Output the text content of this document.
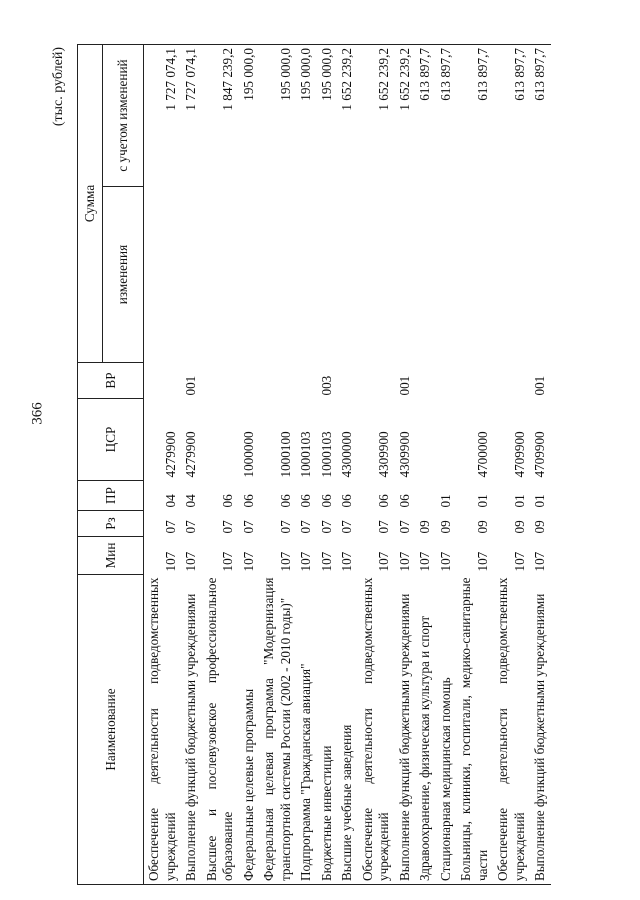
366
(тыс. рублей)
Наименование	Мин	Рз	ПР	ЦСР	ВР	Сумма	
						изменения	с учетом изменений
Обеспечение деятельности подведомственных учреждений	107	07	04	4279900			1 727 074,1
Выполнение функций бюджетными учреждениями	107	07	04	4279900	001		1 727 074,1
Высшее и послевузовское профессиональное образование	107	07	06				1 847 239,2
Федеральные целевые программы	107	07	06	1000000			195 000,0
Федеральная целевая программа "Модернизация транспортной системы России (2002 - 2010 годы)"	107	07	06	1000100			195 000,0
Подпрограмма "Гражданская авиация"	107	07	06	1000103			195 000,0
Бюджетные инвестиции	107	07	06	1000103	003		195 000,0
Высшие учебные заведения	107	07	06	4300000			1 652 239,2
Обеспечение деятельности подведомственных учреждений	107	07	06	4309900			1 652 239,2
Выполнение функций бюджетными учреждениями	107	07	06	4309900	001		1 652 239,2
Здравоохранение, физическая культура и спорт	107	09					613 897,7
Стационарная медицинская помощь	107	09	01				613 897,7
Больницы, клиники, госпитали, медико-санитарные части	107	09	01	4700000			613 897,7
Обеспечение деятельности подведомственных учреждений	107	09	01	4709900			613 897,7
Выполнение функций бюджетными учреждениями	107	09	01	4709900	001		613 897,7
